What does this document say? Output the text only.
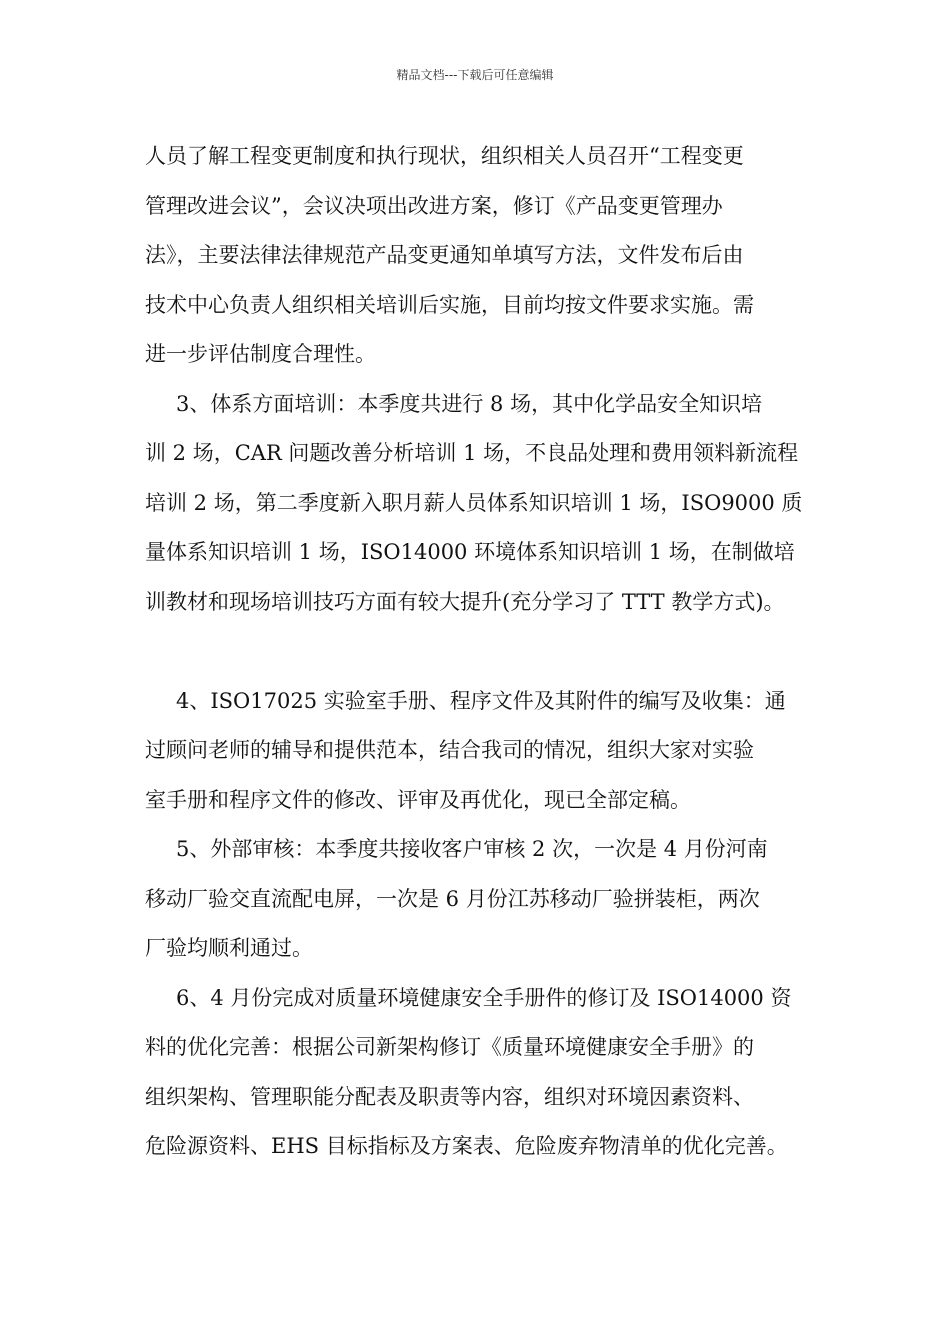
精品文档---下载后可任意编辑
人员了解工程变更制度和执行现状，组织相关人员召开“工程变更
管理改进会议”，会议决项出改进方案，修订《产品变更管理办
法》，主要法律法律规范产品变更通知单填写方法，文件发布后由
技术中心负责人组织相关培训后实施，目前均按文件要求实施。需
进一步评估制度合理性。
3、体系方面培训：本季度共进行 8 场，其中化学品安全知识培
训 2 场，CAR 问题改善分析培训 1 场，不良品处理和费用领料新流程
培训 2 场，第二季度新入职月薪人员体系知识培训 1 场，ISO9000 质
量体系知识培训 1 场，ISO14000 环境体系知识培训 1 场，在制做培
训教材和现场培训技巧方面有较大提升(充分学习了 TTT 教学方式)。
4、ISO17025 实验室手册、程序文件及其附件的编写及收集：通
过顾问老师的辅导和提供范本，结合我司的情况，组织大家对实验
室手册和程序文件的修改、评审及再优化，现已全部定稿。
5、外部审核：本季度共接收客户审核 2 次，一次是 4 月份河南
移动厂验交直流配电屏，一次是 6 月份江苏移动厂验拼装柜，两次
厂验均顺利通过。
6、4 月份完成对质量环境健康安全手册件的修订及 ISO14000 资
料的优化完善：根据公司新架构修订《质量环境健康安全手册》的
组织架构、管理职能分配表及职责等内容，组织对环境因素资料、
危险源资料、EHS 目标指标及方案表、危险废弃物清单的优化完善。
